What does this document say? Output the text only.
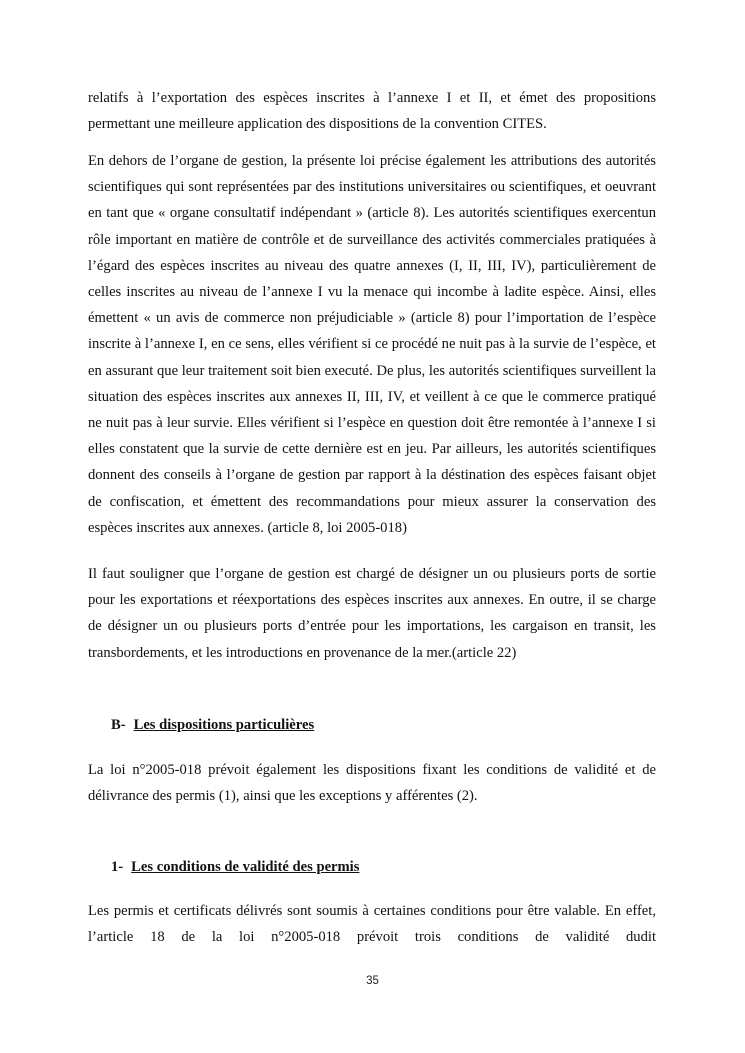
relatifs à l’exportation des espèces inscrites à l’annexe I et II, et émet des propositions permettant une meilleure application des dispositions de la convention CITES.

En dehors de l’organe de gestion, la présente loi précise également les attributions des autorités scientifiques qui sont représentées par des institutions universitaires ou scientifiques, et oeuvrant en tant que « organe consultatif indépendant » (article 8). Les autorités scientifiques exercentun rôle important en matière de contrôle et de surveillance des activités commerciales pratiquées à l’égard des espèces inscrites au niveau des quatre annexes (I, II, III, IV), particulièrement de celles inscrites au niveau de l’annexe I vu la menace qui incombe à ladite espèce. Ainsi, elles émettent « un avis de commerce non préjudiciable » (article 8) pour l’importation de l’espèce inscrite à l’annexe I, en ce sens, elles vérifient si ce procédé ne nuit pas à la survie de l’espèce, et en assurant que leur traitement soit bien executé. De plus, les autorités scientifiques surveillent la situation des espèces inscrites aux annexes II, III, IV, et veillent à ce que le commerce pratiqué ne nuit pas à leur survie. Elles vérifient si l’espèce en question doit être remontée à l’annexe I si elles constatent que la survie de cette dernière est en jeu. Par ailleurs, les autorités scientifiques donnent des conseils à l’organe de gestion par rapport à la déstination des espèces faisant objet de confiscation, et émettent des recommandations pour mieux assurer la conservation des espèces inscrites aux annexes. (article 8, loi 2005-018)

Il faut souligner que l’organe de gestion est chargé de désigner un ou plusieurs ports de sortie pour les exportations et réexportations des espèces inscrites aux annexes. En outre, il se charge de désigner un ou plusieurs ports d’entrée pour les importations, les cargaison en transit, les transbordements, et les introductions en provenance de la mer.(article 22)

B- Les dispositions particulières

La loi n°2005-018 prévoit également les dispositions fixant les conditions de validité et de délivrance des permis (1), ainsi que les exceptions y afférentes (2).

1- Les conditions de validité des permis

Les permis et certificats délivrés sont soumis à certaines conditions pour être valable. En effet, l’article 18 de la loi n°2005-018 prévoit trois conditions de validité dudit

35
